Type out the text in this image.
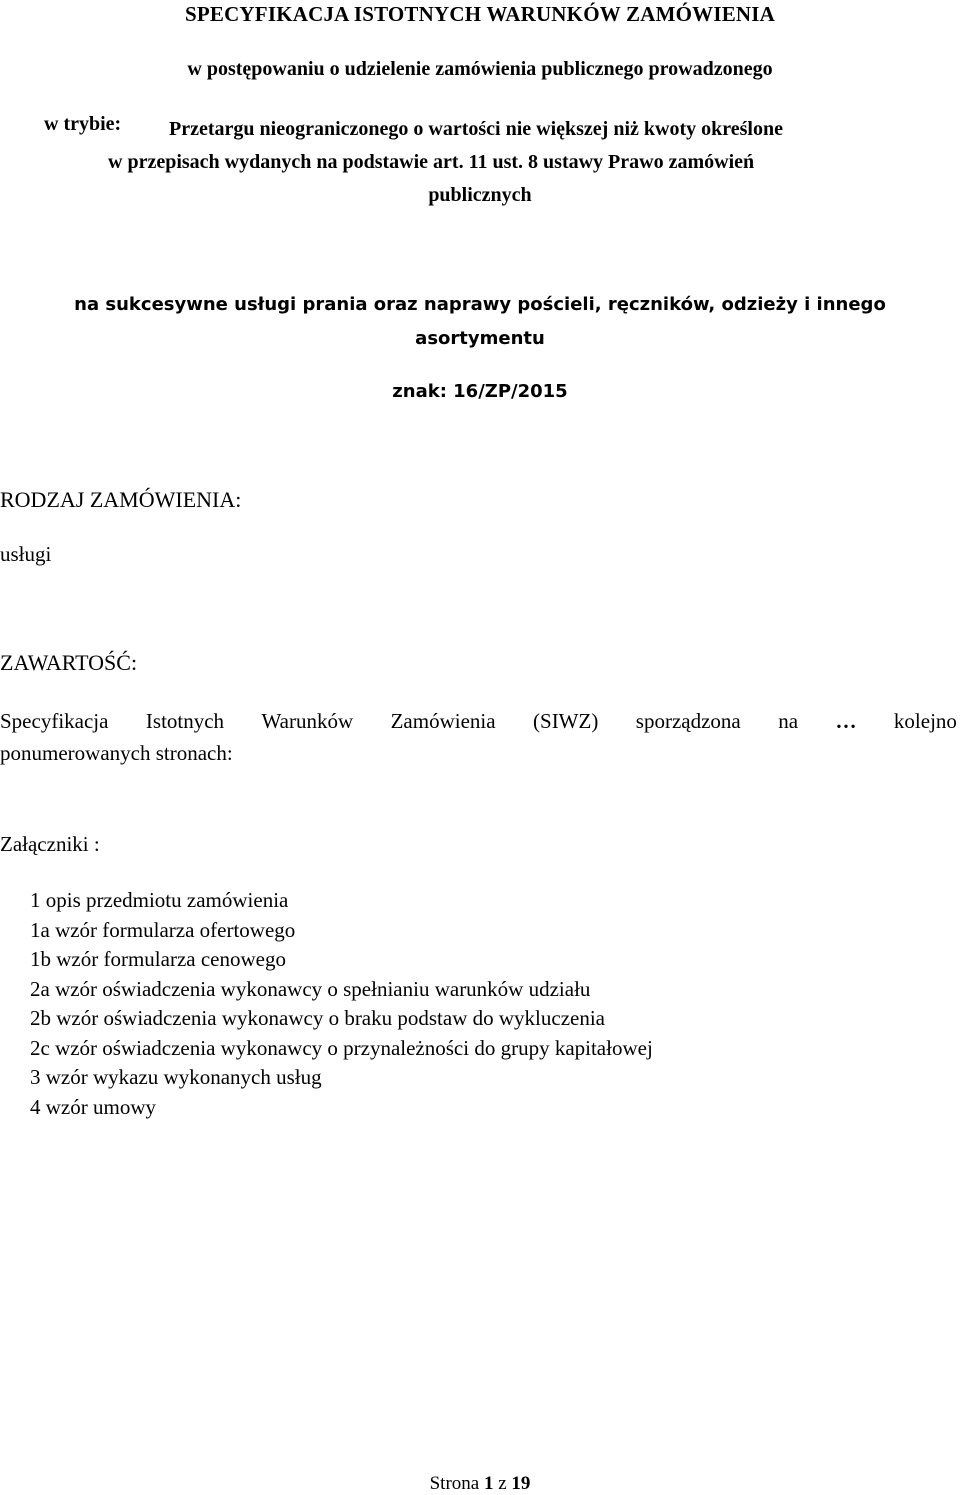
SPECYFIKACJA ISTOTNYCH WARUNKÓW ZAMÓWIENIA
w postępowaniu o udzielenie zamówienia publicznego prowadzonego
w trybie:	Przetargu nieograniczonego o wartości nie większej niż kwoty określone
w przepisach wydanych na podstawie art. 11 ust. 8 ustawy Prawo zamówień
publicznych
na sukcesywne usługi prania oraz naprawy pościeli, ręczników, odzieży i innego
asortymentu
znak: 16/ZP/2015
RODZAJ ZAMÓWIENIA:
usługi
ZAWARTOŚĆ:
Specyfikacja Istotnych Warunków Zamówienia (SIWZ) sporządzona na … kolejno
ponumerowanych stronach:
Załączniki :
1 opis przedmiotu zamówienia
1a wzór formularza ofertowego
1b wzór formularza cenowego
2a wzór oświadczenia wykonawcy o spełnianiu warunków udziału
2b wzór oświadczenia wykonawcy o braku podstaw do wykluczenia
2c wzór oświadczenia wykonawcy o przynależności do grupy kapitałowej
3 wzór wykazu wykonanych usług
4 wzór umowy
Strona 1 z 19
